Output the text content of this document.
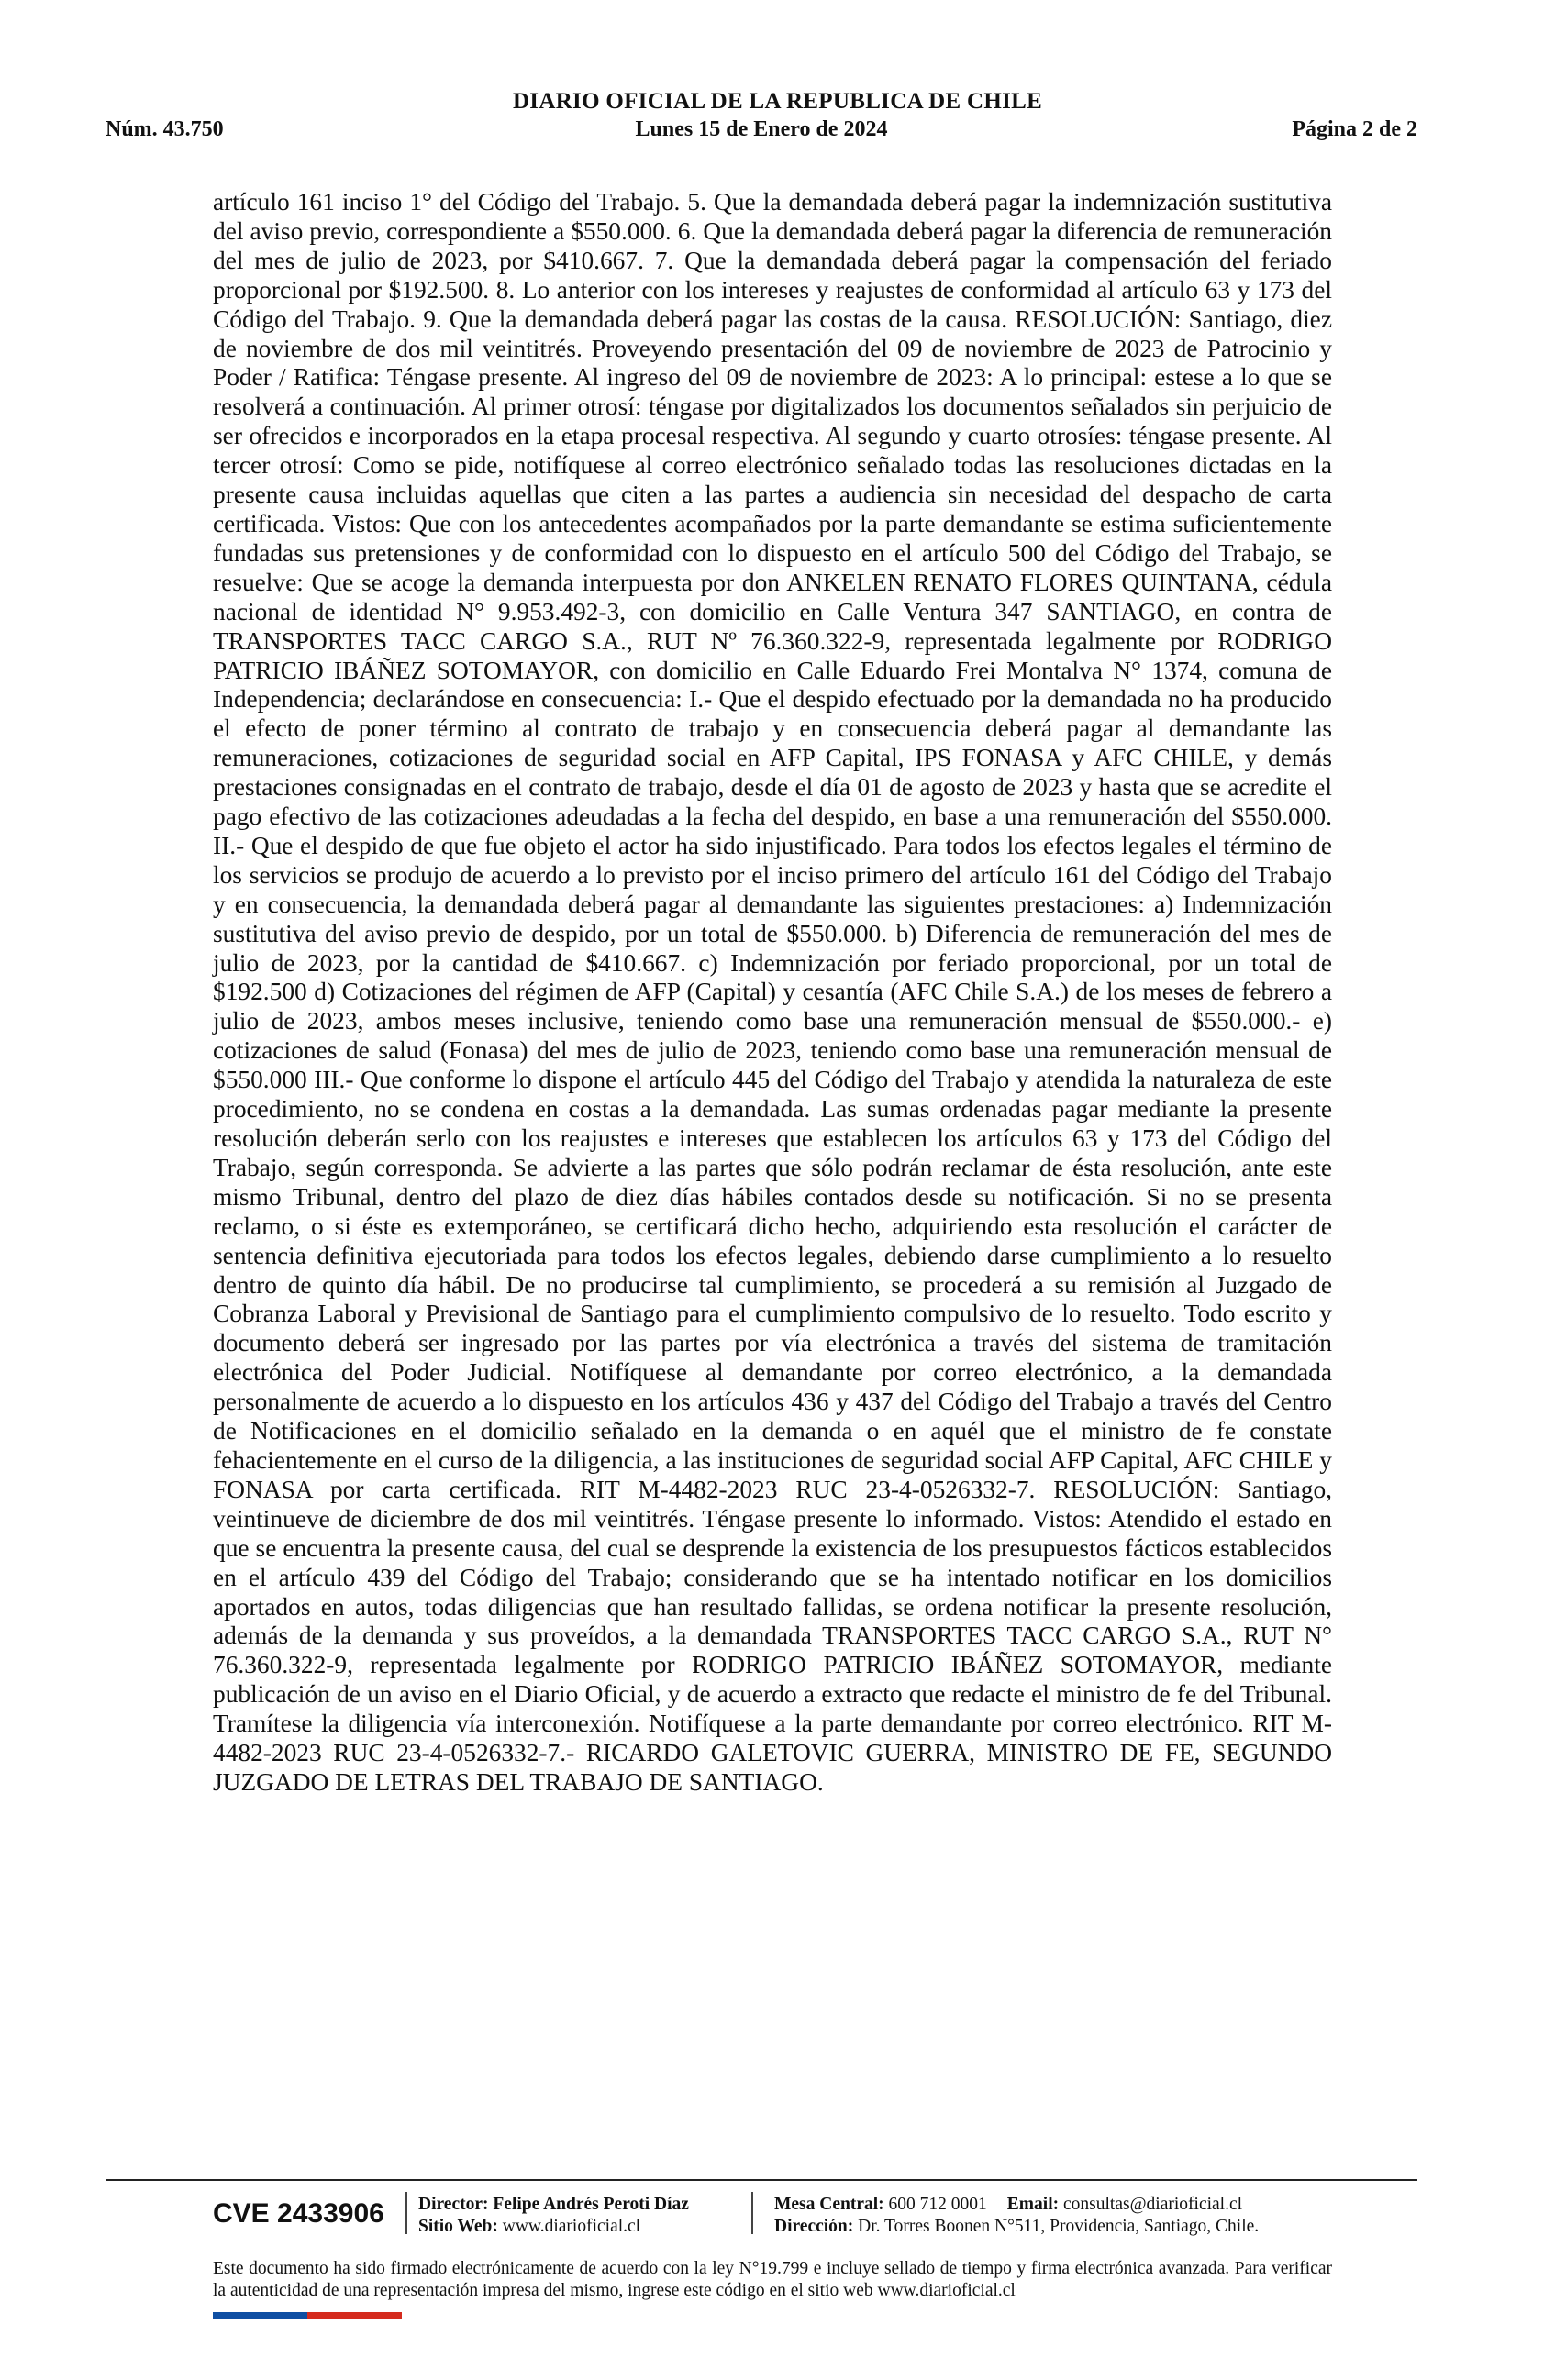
DIARIO OFICIAL DE LA REPUBLICA DE CHILE
Núm. 43.750	Lunes 15 de Enero de 2024	Página 2 de 2
artículo 161 inciso 1° del Código del Trabajo. 5. Que la demandada deberá pagar la indemnización sustitutiva del aviso previo, correspondiente a $550.000. 6. Que la demandada deberá pagar la diferencia de remuneración del mes de julio de 2023, por $410.667. 7. Que la demandada deberá pagar la compensación del feriado proporcional por $192.500. 8. Lo anterior con los intereses y reajustes de conformidad al artículo 63 y 173 del Código del Trabajo. 9. Que la demandada deberá pagar las costas de la causa. RESOLUCIÓN: Santiago, diez de noviembre de dos mil veintitrés. Proveyendo presentación del 09 de noviembre de 2023 de Patrocinio y Poder / Ratifica: Téngase presente. Al ingreso del 09 de noviembre de 2023: A lo principal: estese a lo que se resolverá a continuación. Al primer otrosí: téngase por digitalizados los documentos señalados sin perjuicio de ser ofrecidos e incorporados en la etapa procesal respectiva. Al segundo y cuarto otrosíes: téngase presente. Al tercer otrosí: Como se pide, notifíquese al correo electrónico señalado todas las resoluciones dictadas en la presente causa incluidas aquellas que citen a las partes a audiencia sin necesidad del despacho de carta certificada. Vistos: Que con los antecedentes acompañados por la parte demandante se estima suficientemente fundadas sus pretensiones y de conformidad con lo dispuesto en el artículo 500 del Código del Trabajo, se resuelve: Que se acoge la demanda interpuesta por don ANKELEN RENATO FLORES QUINTANA, cédula nacional de identidad N° 9.953.492-3, con domicilio en Calle Ventura 347 SANTIAGO, en contra de TRANSPORTES TACC CARGO S.A., RUT Nº 76.360.322-9, representada legalmente por RODRIGO PATRICIO IBÁÑEZ SOTOMAYOR, con domicilio en Calle Eduardo Frei Montalva N° 1374, comuna de Independencia; declarándose en consecuencia: I.- Que el despido efectuado por la demandada no ha producido el efecto de poner término al contrato de trabajo y en consecuencia deberá pagar al demandante las remuneraciones, cotizaciones de seguridad social en AFP Capital, IPS FONASA y AFC CHILE, y demás prestaciones consignadas en el contrato de trabajo, desde el día 01 de agosto de 2023 y hasta que se acredite el pago efectivo de las cotizaciones adeudadas a la fecha del despido, en base a una remuneración del $550.000. II.- Que el despido de que fue objeto el actor ha sido injustificado. Para todos los efectos legales el término de los servicios se produjo de acuerdo a lo previsto por el inciso primero del artículo 161 del Código del Trabajo y en consecuencia, la demandada deberá pagar al demandante las siguientes prestaciones: a) Indemnización sustitutiva del aviso previo de despido, por un total de $550.000. b) Diferencia de remuneración del mes de julio de 2023, por la cantidad de $410.667. c) Indemnización por feriado proporcional, por un total de $192.500 d) Cotizaciones del régimen de AFP (Capital) y cesantía (AFC Chile S.A.) de los meses de febrero a julio de 2023, ambos meses inclusive, teniendo como base una remuneración mensual de $550.000.- e) cotizaciones de salud (Fonasa) del mes de julio de 2023, teniendo como base una remuneración mensual de $550.000 III.- Que conforme lo dispone el artículo 445 del Código del Trabajo y atendida la naturaleza de este procedimiento, no se condena en costas a la demandada. Las sumas ordenadas pagar mediante la presente resolución deberán serlo con los reajustes e intereses que establecen los artículos 63 y 173 del Código del Trabajo, según corresponda. Se advierte a las partes que sólo podrán reclamar de ésta resolución, ante este mismo Tribunal, dentro del plazo de diez días hábiles contados desde su notificación. Si no se presenta reclamo, o si éste es extemporáneo, se certificará dicho hecho, adquiriendo esta resolución el carácter de sentencia definitiva ejecutoriada para todos los efectos legales, debiendo darse cumplimiento a lo resuelto dentro de quinto día hábil. De no producirse tal cumplimiento, se procederá a su remisión al Juzgado de Cobranza Laboral y Previsional de Santiago para el cumplimiento compulsivo de lo resuelto. Todo escrito y documento deberá ser ingresado por las partes por vía electrónica a través del sistema de tramitación electrónica del Poder Judicial. Notifíquese al demandante por correo electrónico, a la demandada personalmente de acuerdo a lo dispuesto en los artículos 436 y 437 del Código del Trabajo a través del Centro de Notificaciones en el domicilio señalado en la demanda o en aquél que el ministro de fe constate fehacientemente en el curso de la diligencia, a las instituciones de seguridad social AFP Capital, AFC CHILE y FONASA por carta certificada. RIT M-4482-2023 RUC 23-4-0526332-7. RESOLUCIÓN: Santiago, veintinueve de diciembre de dos mil veintitrés. Téngase presente lo informado. Vistos: Atendido el estado en que se encuentra la presente causa, del cual se desprende la existencia de los presupuestos fácticos establecidos en el artículo 439 del Código del Trabajo; considerando que se ha intentado notificar en los domicilios aportados en autos, todas diligencias que han resultado fallidas, se ordena notificar la presente resolución, además de la demanda y sus proveídos, a la demandada TRANSPORTES TACC CARGO S.A., RUT N° 76.360.322-9, representada legalmente por RODRIGO PATRICIO IBÁÑEZ SOTOMAYOR, mediante publicación de un aviso en el Diario Oficial, y de acuerdo a extracto que redacte el ministro de fe del Tribunal. Tramítese la diligencia vía interconexión. Notifíquese a la parte demandante por correo electrónico. RIT M-4482-2023 RUC 23-4-0526332-7.- RICARDO GALETOVIC GUERRA, MINISTRO DE FE, SEGUNDO JUZGADO DE LETRAS DEL TRABAJO DE SANTIAGO.
CVE 2433906	Director: Felipe Andrés Peroti Díaz
Sitio Web: www.diarioficial.cl
Mesa Central: 600 712 0001 Email: consultas@diarioficial.cl
Dirección: Dr. Torres Boonen N°511, Providencia, Santiago, Chile.
Este documento ha sido firmado electrónicamente de acuerdo con la ley N°19.799 e incluye sellado de tiempo y firma electrónica avanzada. Para verificar la autenticidad de una representación impresa del mismo, ingrese este código en el sitio web www.diarioficial.cl
